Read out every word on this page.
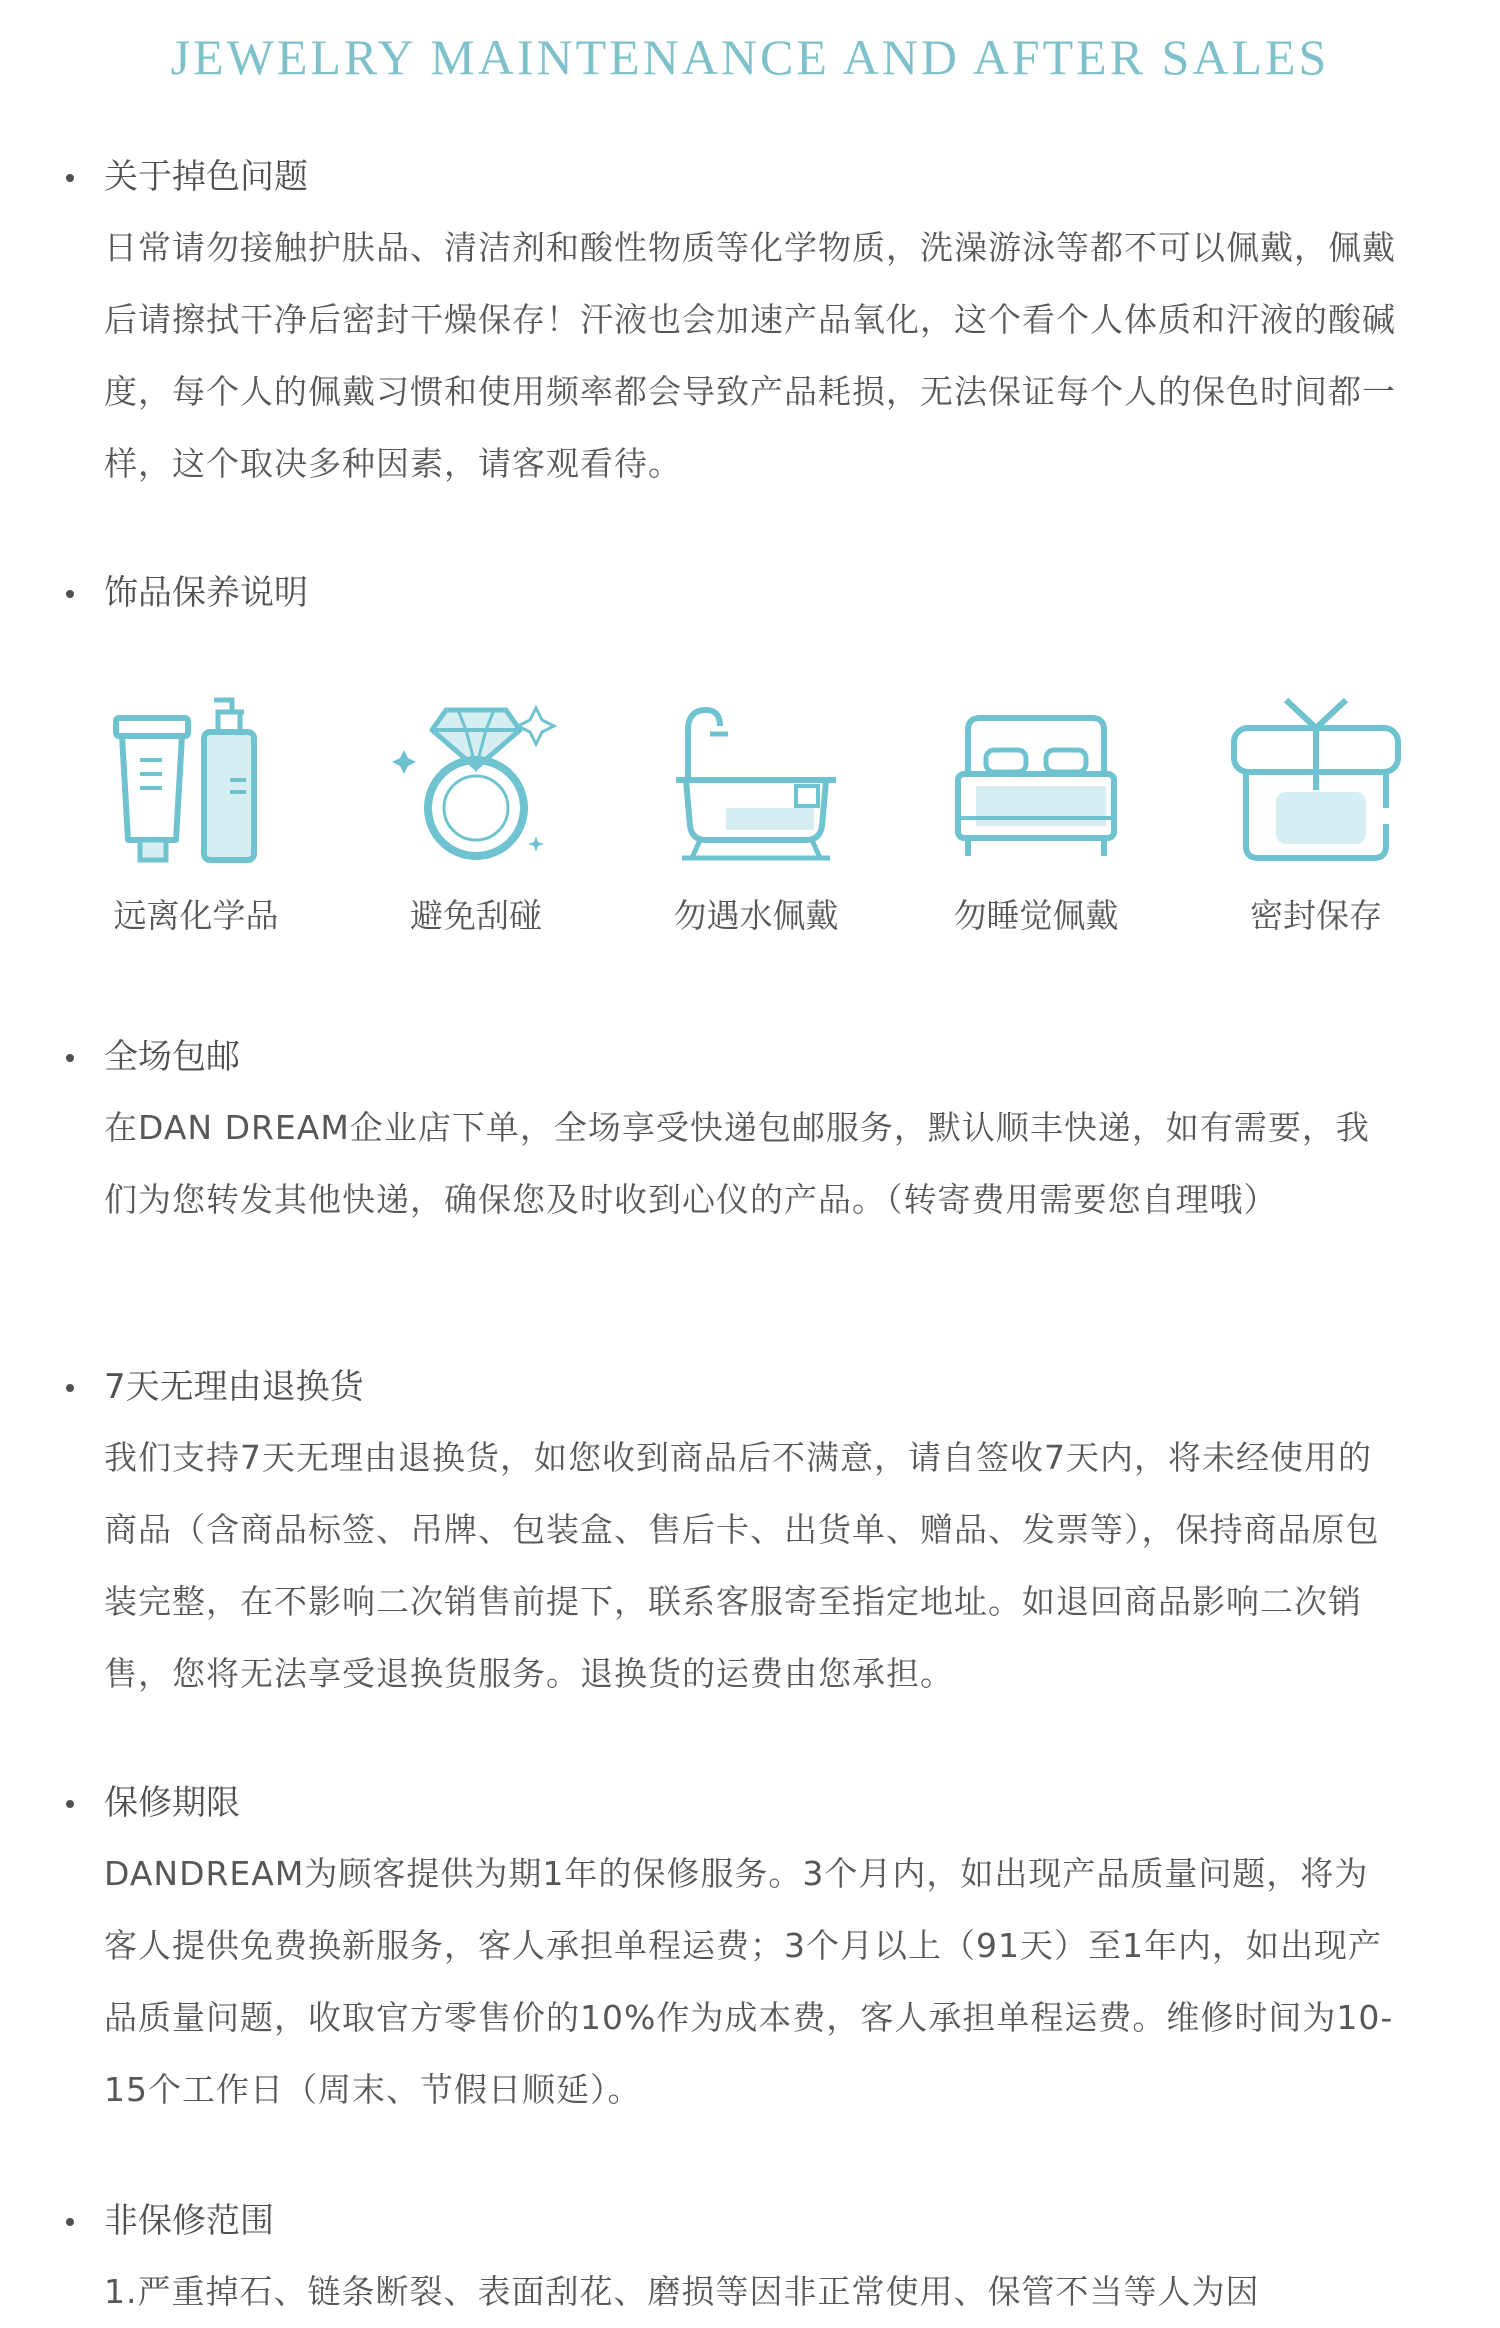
JEWELRY MAINTENANCE AND AFTER SALES
关于掉色问题

日常请勿接触护肤品、清洁剂和酸性物质等化学物质，洗澡游泳等都不可以佩戴，佩戴后请擦拭干净后密封干燥保存！汗液也会加速产品氧化，这个看个人体质和汗液的酸碱度，每个人的佩戴习惯和使用频率都会导致产品耗损，无法保证每个人的保色时间都一样，这个取决多种因素，请客观看待。

饰品保养说明
远离化学品	避免刮碰	勿遇水佩戴	勿睡觉佩戴	密封保存
全场包邮

在DAN DREAM企业店下单，全场享受快递包邮服务，默认顺丰快递，如有需要，我们为您转发其他快递，确保您及时收到心仪的产品。（转寄费用需要您自理哦）

7天无理由退换货

我们支持7天无理由退换货，如您收到商品后不满意，请自签收7天内，将未经使用的商品（含商品标签、吊牌、包装盒、售后卡、出货单、赠品、发票等），保持商品原包装完整，在不影响二次销售前提下，联系客服寄至指定地址。如退回商品影响二次销售，您将无法享受退换货服务。退换货的运费由您承担。

保修期限

DANDREAM为顾客提供为期1年的保修服务。3个月内，如出现产品质量问题，将为客人提供免费换新服务，客人承担单程运费；3个月以上（91天）至1年内，如出现产品质量问题，收取官方零售价的10%作为成本费，客人承担单程运费。维修时间为10-15个工作日（周末、节假日顺延）。

非保修范围

1.严重掉石、链条断裂、表面刮花、磨损等因非正常使用、保管不当等人为因
